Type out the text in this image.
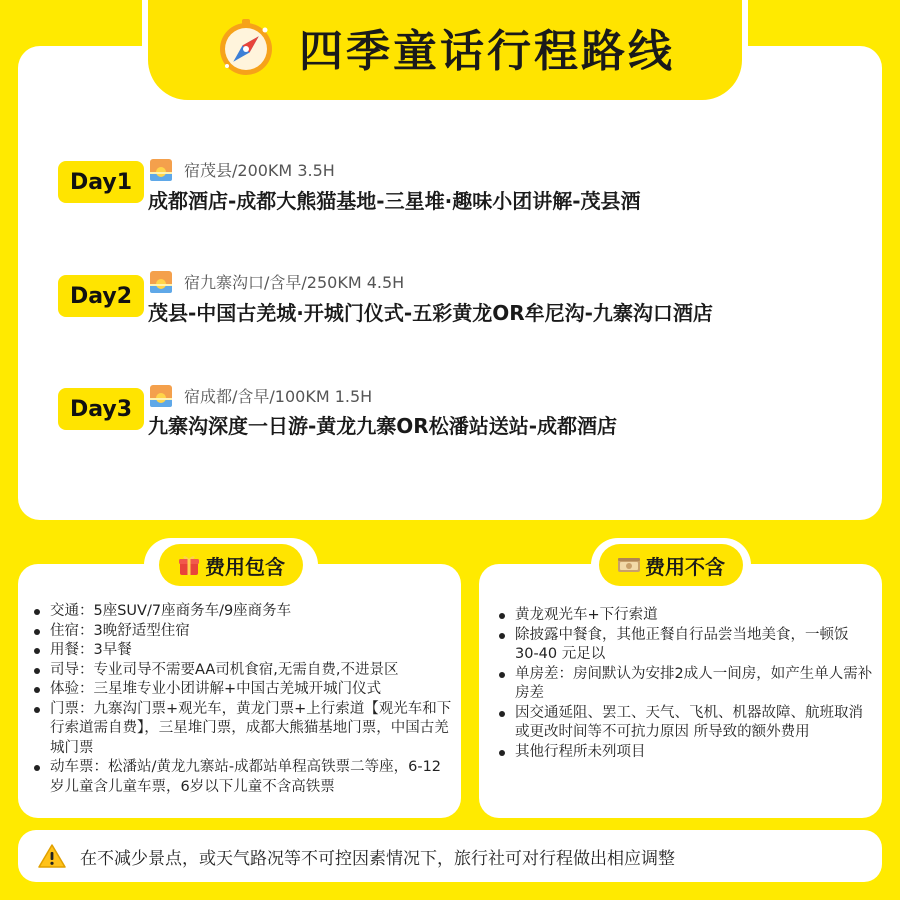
四季童话行程路线
Day1	宿茂县/200KM 3.5H
成都酒店-成都大熊猫基地-三星堆·趣味小团讲解-茂县酒
Day2
宿九寨沟口/含早/250KM 4.5H
茂县-中国古羌城·开城门仪式-五彩黄龙OR牟尼沟-九寨沟口酒店
Day3	宿成都/含早/100KM 1.5H
九寨沟深度一日游-黄龙九寨OR松潘站送站-成都酒店
费用包含	费用不含
交通：5座SUV/7座商务车/9座商务车
住宿：3晚舒适型住宿
用餐：3早餐
司导：专业司导不需要AA司机食宿,无需自费,不进景区
体验：三星堆专业小团讲解+中国古羌城开城门仪式
门票：九寨沟门票+观光车，黄龙门票+上行索道【观光车和下行索道需自费】，三星堆门票，成都大熊猫基地门票，中国古羌城门票
动车票：松潘站/黄龙九寨站-成都站单程高铁票二等座，6-12岁儿童含儿童车票，6岁以下儿童不含高铁票
黄龙观光车+下行索道
除披露中餐食，其他正餐自行品尝当地美食，一顿饭 30-40 元足以
单房差：房间默认为安排2成人一间房，如产生单人需补房差
因交通延阻、罢工、天气、飞机、机器故障、航班取消或更改时间等不可抗力原因 所导致的额外费用
其他行程所未列项目
在不减少景点，或天气路况等不可控因素情况下，旅行社可对行程做出相应调整
